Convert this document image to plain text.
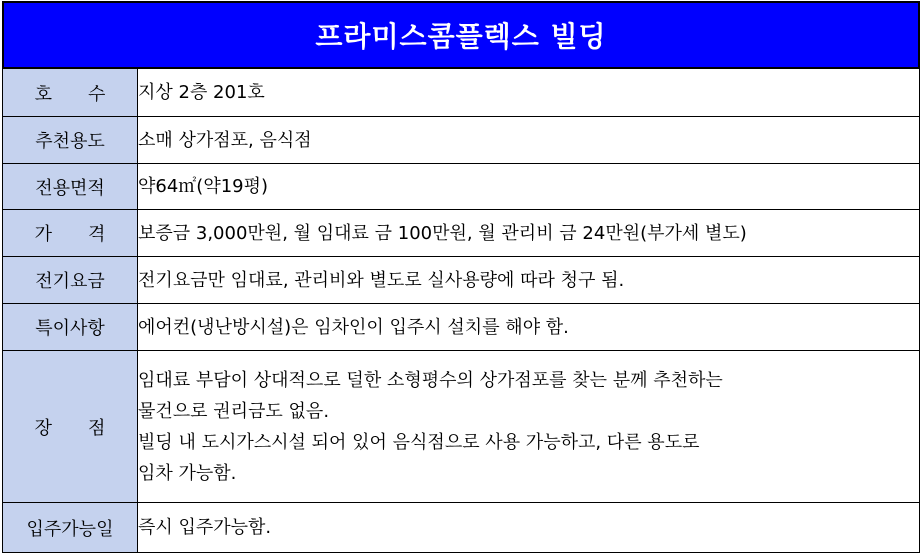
프라미스콤플렉스 빌딩
호　　수	지상 2층 201호
추천용도	소매 상가점포, 음식점
전용면적	약64㎡(약19평)
가　　격	보증금 3,000만원, 월 임대료 금 100만원, 월 관리비 금 24만원(부가세 별도)
전기요금	전기요금만 임대료, 관리비와 별도로 실사용량에 따라 청구 됨.
특이사항	에어컨(냉난방시설)은 임차인이 입주시 설치를 해야 함.
장　　점	임대료 부담이 상대적으로 덜한 소형평수의 상가점포를 찾는 분께 추천하는
물건으로 권리금도 없음.
빌딩 내 도시가스시설 되어 있어 음식점으로 사용 가능하고, 다른 용도로
임차 가능함.

입주가능일	즉시 입주가능함.
